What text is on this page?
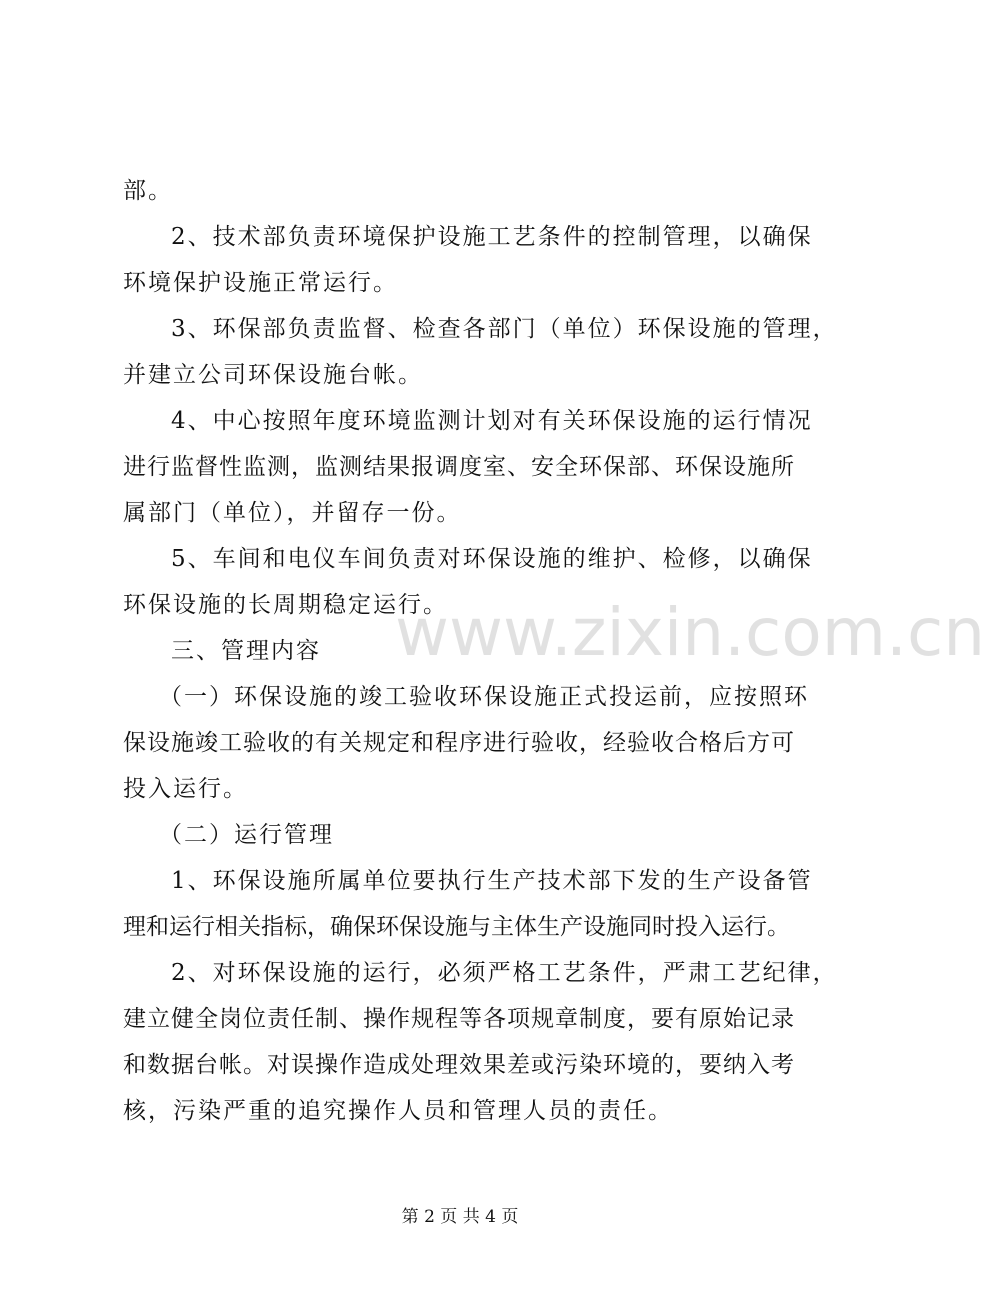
www.zixin.com.cn
部。
2、技术部负责环境保护设施工艺条件的控制管理，以确保
环境保护设施正常运行。
3、环保部负责监督、检查各部门（单位）环保设施的管理，
并建立公司环保设施台帐。
4、中心按照年度环境监测计划对有关环保设施的运行情况
进行监督性监测，监测结果报调度室、安全环保部、环保设施所
属部门（单位），并留存一份。
5、车间和电仪车间负责对环保设施的维护、检修，以确保
环保设施的长周期稳定运行。
三、管理内容
（一）环保设施的竣工验收环保设施正式投运前，应按照环
保设施竣工验收的有关规定和程序进行验收，经验收合格后方可
投入运行。
（二）运行管理
1、环保设施所属单位要执行生产技术部下发的生产设备管
理和运行相关指标，确保环保设施与主体生产设施同时投入运行。
2、对环保设施的运行，必须严格工艺条件，严肃工艺纪律，
建立健全岗位责任制、操作规程等各项规章制度，要有原始记录
和数据台帐。对误操作造成处理效果差或污染环境的，要纳入考
核，污染严重的追究操作人员和管理人员的责任。
第 2 页 共 4 页
